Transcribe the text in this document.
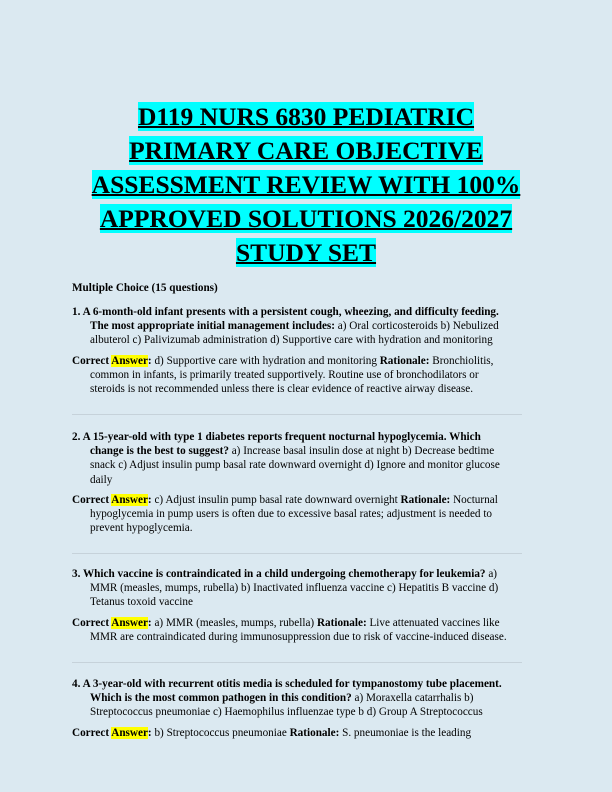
D119 NURS 6830 PEDIATRIC
PRIMARY CARE OBJECTIVE
ASSESSMENT REVIEW WITH 100%
APPROVED SOLUTIONS 2026/2027
STUDY SET
Multiple Choice (15 questions)
1. A 6-month-old infant presents with a persistent cough, wheezing, and difficulty feeding.
The most appropriate initial management includes: a) Oral corticosteroids b) Nebulized
albuterol c) Palivizumab administration d) Supportive care with hydration and monitoring
Correct Answer: d) Supportive care with hydration and monitoring Rationale: Bronchiolitis,
common in infants, is primarily treated supportively. Routine use of bronchodilators or
steroids is not recommended unless there is clear evidence of reactive airway disease.
2. A 15-year-old with type 1 diabetes reports frequent nocturnal hypoglycemia. Which
change is the best to suggest? a) Increase basal insulin dose at night b) Decrease bedtime
snack c) Adjust insulin pump basal rate downward overnight d) Ignore and monitor glucose
daily
Correct Answer: c) Adjust insulin pump basal rate downward overnight Rationale: Nocturnal
hypoglycemia in pump users is often due to excessive basal rates; adjustment is needed to
prevent hypoglycemia.
3. Which vaccine is contraindicated in a child undergoing chemotherapy for leukemia? a)
MMR (measles, mumps, rubella) b) Inactivated influenza vaccine c) Hepatitis B vaccine d)
Tetanus toxoid vaccine
Correct Answer: a) MMR (measles, mumps, rubella) Rationale: Live attenuated vaccines like
MMR are contraindicated during immunosuppression due to risk of vaccine-induced disease.
4. A 3-year-old with recurrent otitis media is scheduled for tympanostomy tube placement.
Which is the most common pathogen in this condition? a) Moraxella catarrhalis b)
Streptococcus pneumoniae c) Haemophilus influenzae type b d) Group A Streptococcus
Correct Answer: b) Streptococcus pneumoniae Rationale: S. pneumoniae is the leading
